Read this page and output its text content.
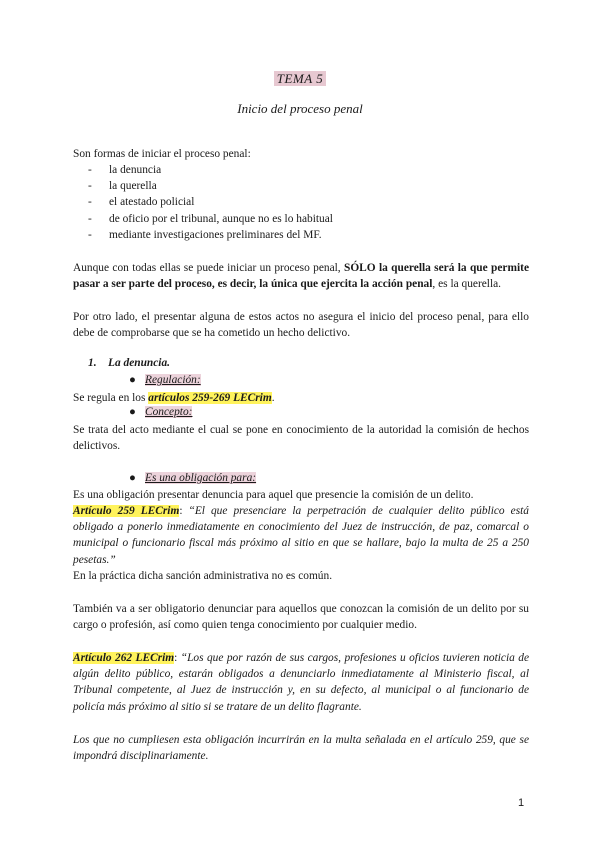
TEMA 5
Inicio del proceso penal
Son formas de iniciar el proceso penal:
-	la denuncia
-	la querella
-	el atestado policial
-	de oficio por el tribunal, aunque no es lo habitual
-	mediante investigaciones preliminares del MF.
Aunque con todas ellas se puede iniciar un proceso penal, SÓLO la querella será la que permite pasar a ser parte del proceso, es decir, la única que ejercita la acción penal, es la querella.
Por otro lado, el presentar alguna de estos actos no asegura el inicio del proceso penal, para ello debe de comprobarse que se ha cometido un hecho delictivo.
1. La denuncia.
● Regulación:
Se regula en los artículos 259-269 LECrim.
● Concepto:
Se trata del acto mediante el cual se pone en conocimiento de la autoridad la comisión de hechos delictivos.
● Es una obligación para:
Es una obligación presentar denuncia para aquel que presencie la comisión de un delito.
Artículo 259 LECrim: “El que presenciare la perpetración de cualquier delito público está obligado a ponerlo inmediatamente en conocimiento del Juez de instrucción, de paz, comarcal o municipal o funcionario fiscal más próximo al sitio en que se hallare, bajo la multa de 25 a 250 pesetas.”
En la práctica dicha sanción administrativa no es común.
También va a ser obligatorio denunciar para aquellos que conozcan la comisión de un delito por su cargo o profesión, así como quien tenga conocimiento por cualquier medio.
Artículo 262 LECrim: “Los que por razón de sus cargos, profesiones u oficios tuvieren noticia de algún delito público, estarán obligados a denunciarlo inmediatamente al Ministerio fiscal, al Tribunal competente, al Juez de instrucción y, en su defecto, al municipal o al funcionario de policía más próximo al sitio si se tratare de un delito flagrante.
Los que no cumpliesen esta obligación incurrirán en la multa señalada en el artículo 259, que se impondrá disciplinariamente.
1
